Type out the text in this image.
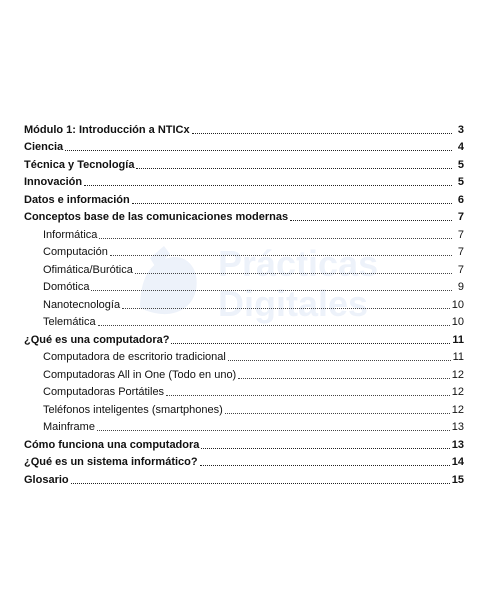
Prácticas
Digitales
Módulo 1: Introducción a NTICx	3
Ciencia	4
Técnica y Tecnología	5
Innovación	5
Datos e información	6
Conceptos base de las comunicaciones modernas	7
Informática	7
Computación	7
Ofimática/Burótica	7
Domótica	9
Nanotecnología	10
Telemática	10
¿Qué es una computadora?	11
Computadora de escritorio tradicional	11
Computadoras All in One (Todo en uno)	12
Computadoras Portátiles	12
Teléfonos inteligentes (smartphones)	12
Mainframe	13
Cómo funciona una computadora	13
¿Qué es un sistema informático?	14
Glosario	15
